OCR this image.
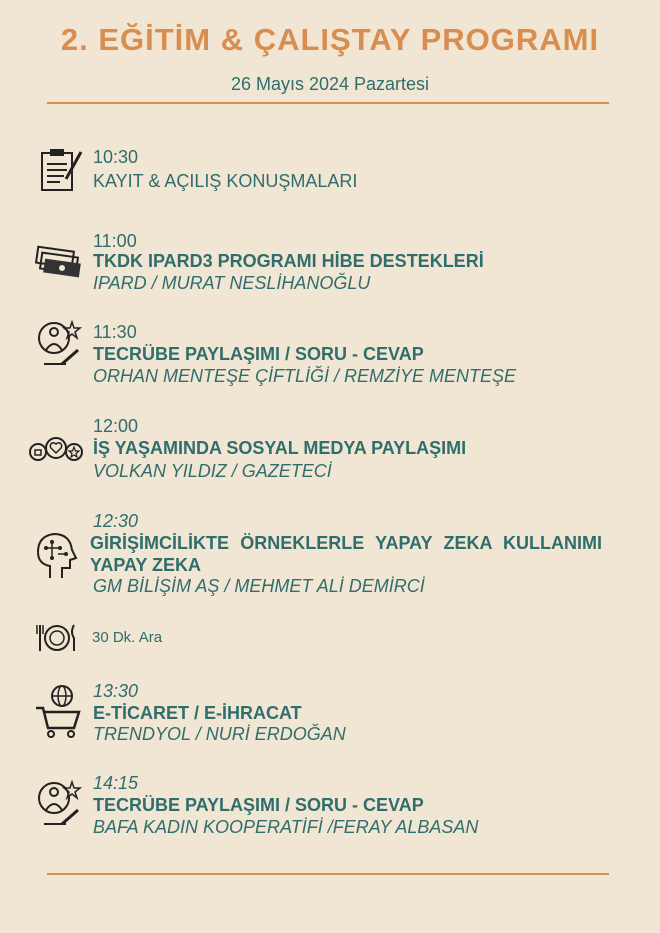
2. EĞİTİM & ÇALIŞTAY PROGRAMI
26 Mayıs 2024 Pazartesi
10:30
KAYIT & AÇILIŞ KONUŞMALARI
11:00
TKDK IPARD3 PROGRAMI HİBE DESTEKLERİ
IPARD / MURAT NESLİHANOĞLU
11:30
TECRÜBE PAYLAŞIMI / SORU - CEVAP
ORHAN MENTEŞE ÇİFTLİĞİ / REMZİYE MENTEŞE
12:00
İŞ YAŞAMINDA SOSYAL MEDYA PAYLAŞIMI
VOLKAN YILDIZ / GAZETECİ
12:30
GİRİŞİMCİLİKTE ÖRNEKLERLE YAPAY ZEKA KULLANIMI YAPAY ZEKA
GM BİLİŞİM AŞ / MEHMET ALİ DEMİRCİ
30 Dk. Ara
13:30
E-TİCARET / E-İHRACAT
TRENDYOL / NURİ ERDOĞAN
14:15
TECRÜBE PAYLAŞIMI / SORU - CEVAP
BAFA KADIN KOOPERATİFİ /FERAY ALBASAN
